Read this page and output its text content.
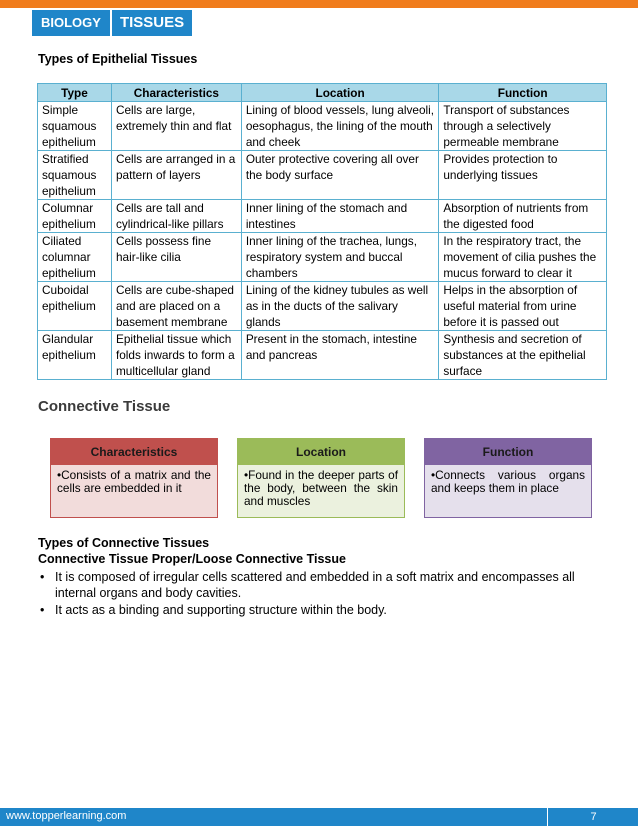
BIOLOGY	TISSUES
Types of Epithelial Tissues
Type	Characteristics	Location	Function
Simple squamous epithelium	Cells are large, extremely thin and flat	Lining of blood vessels, lung alveoli, oesophagus, the lining of the mouth and cheek	Transport of substances through a selectively permeable membrane
Stratified squamous epithelium	Cells are arranged in a pattern of layers	Outer protective covering all over the body surface	Provides protection to underlying tissues
Columnar epithelium	Cells are tall and cylindrical-like pillars	Inner lining of the stomach and intestines	Absorption of nutrients from the digested food
Ciliated columnar epithelium	Cells possess fine hair-like cilia	Inner lining of the trachea, lungs, respiratory system and buccal chambers	In the respiratory tract, the movement of cilia pushes the mucus forward to clear it
Cuboidal epithelium	Cells are cube-shaped and are placed on a basement membrane	Lining of the kidney tubules as well as in the ducts of the salivary glands	Helps in the absorption of useful material from urine before it is passed out
Glandular epithelium	Epithelial tissue which folds inwards to form a multicellular gland	Present in the stomach, intestine and pancreas	Synthesis and secretion of substances at the epithelial surface
Connective Tissue
Characteristics
•Consists of a matrix and the cells are embedded in it
Location
•Found in the deeper parts of the body, between the skin and muscles
Function
•Connects various organs and keeps them in place
Types of Connective Tissues
Connective Tissue Proper/Loose Connective Tissue
• It is composed of irregular cells scattered and embedded in a soft matrix and encompasses all internal organs and body cavities.
• It acts as a binding and supporting structure within the body.
www.topperlearning.com	7
